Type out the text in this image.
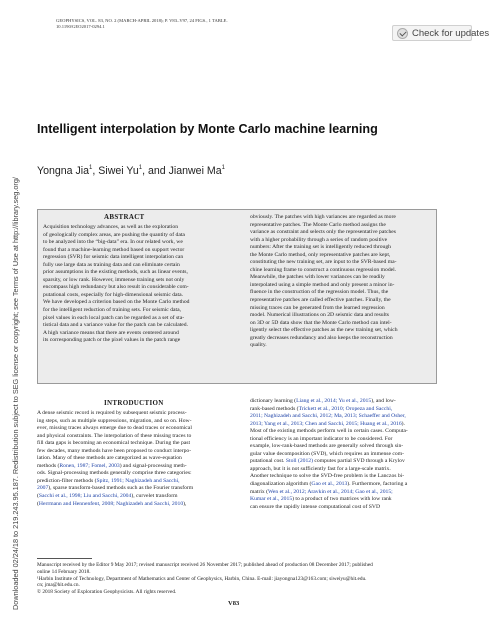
GEOPHYSICS, VOL. 83, NO. 2 (MARCH-APRIL 2018); P. V83–V97, 24 FIGS., 1 TABLE.
10.1190/GEO2017-0294.1
Check for updates
Downloaded 02/24/18 to 219.243.95.187. Redistribution subject to SEG license or copyright; see Terms of Use at http://library.seg.org/
Intelligent interpolation by Monte Carlo machine learning
Yongna Jia$^1$, Siwei Yu$^1$, and Jianwei Ma$^1$
ABSTRACT
Acquisition technology advances, as well as the exploration
of geologically complex areas, are pushing the quantity of data
to be analyzed into the “big-data” era. In our related work, we
found that a machine-learning method based on support vector
regression (SVR) for seismic data intelligent interpolation can
fully use large data as training data and can eliminate certain
prior assumptions in the existing methods, such as linear events,
sparsity, or low rank. However, immense training sets not only
encompass high redundancy but also result in considerable com-
putational costs, especially for high-dimensional seismic data.
We have developed a criterion based on the Monte Carlo method
for the intelligent reduction of training sets. For seismic data,
pixel values in each local patch can be regarded as a set of sta-
tistical data and a variance value for the patch can be calculated.
A high variance means that there are events centered around
its corresponding patch or the pixel values in the patch range
obviously. The patches with high variances are regarded as more
representative patches. The Monte Carlo method assigns the
variance as constraint and selects only the representative patches
with a higher probability through a series of random positive
numbers: After the training set is intelligently reduced through
the Monte Carlo method, only representative patches are kept,
constituting the new training set, are input to the SVR-based ma-
chine learning frame to construct a continuous regression model.
Meanwhile, the patches with lower variances can be readily
interpolated using a simple method and only present a minor in-
fluence in the construction of the regression model. Thus, the
representative patches are called effective patches. Finally, the
missing traces can be generated from the learned regression
model. Numerical illustrations on 2D seismic data and results
on 3D or 5D data show that the Monte Carlo method can intel-
ligently select the effective patches as the new training set, which
greatly decreases redundancy and also keeps the reconstruction
quality.
INTRODUCTION
A dense seismic record is required by subsequent seismic process-
ing steps, such as multiple suppressions, migration, and so on. How-
ever, missing traces always emerge due to dead traces or economical
and physical constraints. The interpolation of these missing traces to
fill data gaps is becoming an economical technique. During the past
few decades, many methods have been proposed to conduct interpo-
lation. Many of these methods are categorized as wave-equation
methods (Ronen, 1987; Fomel, 2003) and signal-processing meth-
ods. Signal-processing methods generally comprise three categories:
prediction-filter methods (Spitz, 1991; Naghizadeh and Sacchi,
2007), sparse transform-based methods such as the Fourier transform
(Sacchi et al., 1998; Liu and Sacchi, 2004), curvelet transform
(Herrmann and Hennenfent, 2008; Naghizadeh and Sacchi, 2010),
dictionary learning (Liang et al., 2014; Yu et al., 2015), and low-
rank-based methods (Trickett et al., 2010; Oropeza and Sacchi,
2011; Naghizadeh and Sacchi, 2012; Ma, 2013; Schaeffer and Osher,
2013; Yang et al., 2013; Chen and Sacchi, 2015; Huang et al., 2016).
Most of the existing methods perform well in certain cases. Computa-
tional efficiency is an important indicator to be considered. For
example, low-rank-based methods are generally solved through sin-
gular value decomposition (SVD), which requires an immense com-
putational cost. Stoll (2012) computes partial SVD through a Krylov
approach, but it is not sufficiently fast for a large-scale matrix.
Another technique to solve the SVD-free problem is the Lanczos bi-
diagonalization algorithm (Gao et al., 2013). Furthermore, factoring a
matrix (Wen et al., 2012; Aravkin et al., 2014; Gao et al., 2015;
Kumar et al., 2015) to a product of two matrices with low rank
can ensure the rapidly intense computational cost of SVD
Manuscript received by the Editor 9 May 2017; revised manuscript received 26 November 2017; published ahead of production 08 December 2017; published
online 14 February 2018.
¹Harbin Institute of Technology, Department of Mathematics and Center of Geophysics, Harbin, China. E-mail: jiayongna123@163.com; siweiyu@hit.edu.
cn; jma@hit.edu.cn.
© 2018 Society of Exploration Geophysicists. All rights reserved.
V83
